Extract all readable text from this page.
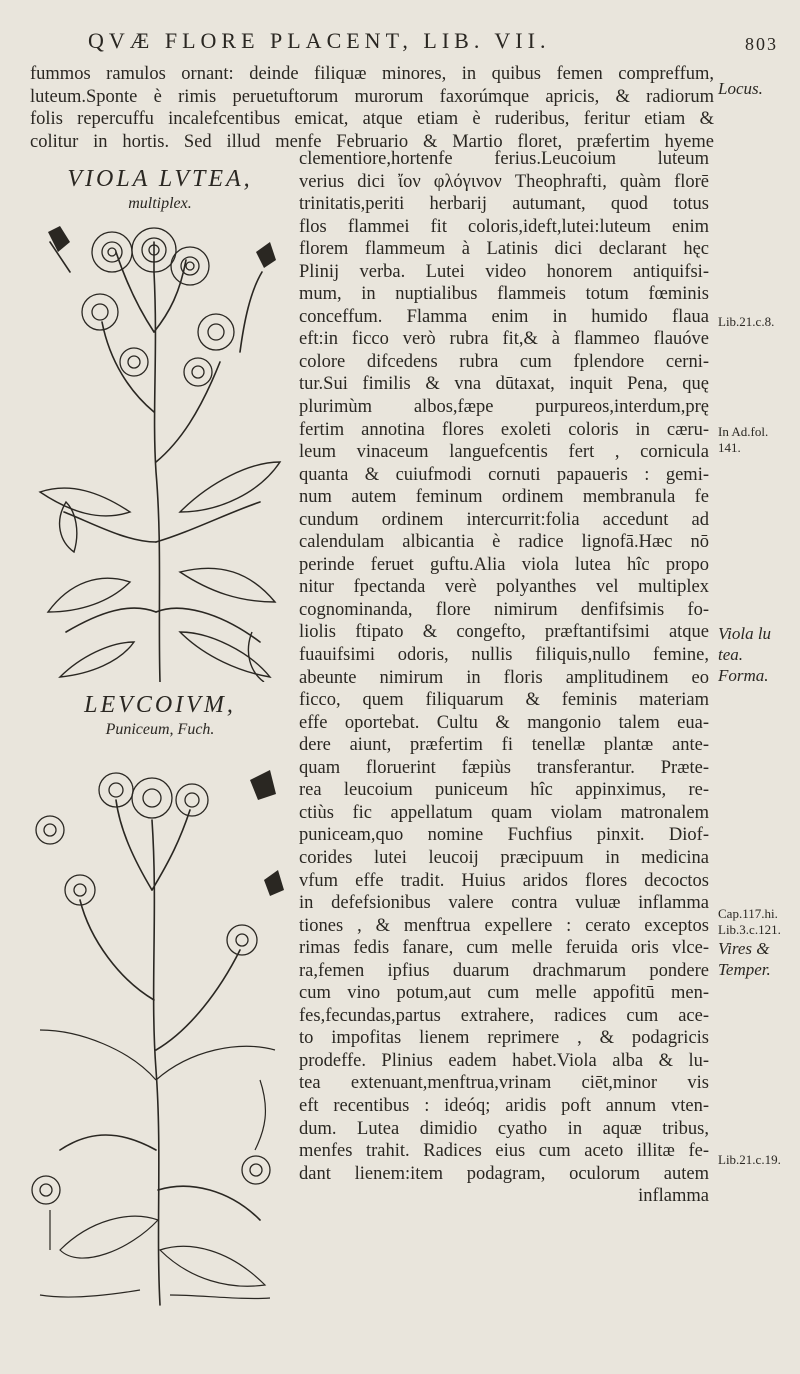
QVÆ FLORE PLACENT, LIB. VII.	803
fummos ramulos ornant: deinde filiquæ minores, in quibus femen compreffum,
luteum.Sponte è rimis peruetuftorum murorum faxorúmque apricis, & radiorum
folis repercuffu incalefcentibus emicat, atque etiam è ruderibus, feritur etiam &
colitur in hortis. Sed illud menfe Februario & Martio floret, præfertim hyeme
VIOLA LVTEA,
multiplex.
LEVCOIVM,
Puniceum, Fuch.
clementiore,hortenfe ferius.Leucoium luteum
verius dici ἴον φλόγινον Theophrafti, quàm florē
trinitatis,periti herbarij autumant, quod totus
flos flammei fit coloris,ideft,lutei:luteum enim
florem flammeum à Latinis dici declarant hęc
Plinij verba. Lutei video honorem antiquifsi-
mum, in nuptialibus flammeis totum fœminis
conceffum. Flamma enim in humido flaua
eft:in ficco verò rubra fit,& à flammeo flauóve
colore difcedens rubra cum fplendore cerni-
tur.Sui fimilis & vna dūtaxat, inquit Pena, quę
plurimùm albos,fæpe purpureos,interdum,prę
fertim annotina flores exoleti coloris in cæru-
leum vinaceum languefcentis fert , cornicula
quanta & cuiufmodi cornuti papaueris : gemi-
num autem feminum ordinem membranula fe
cundum ordinem intercurrit:folia accedunt ad
calendulam albicantia è radice lignofā.Hæc nō
perinde feruet guftu.Alia viola lutea hîc propo
nitur fpectanda verè polyanthes vel multiplex
cognominanda, flore nimirum denfifsimis fo-
liolis ftipato & congefto, præftantifsimi atque
fuauifsimi odoris, nullis filiquis,nullo femine,
abeunte nimirum in floris amplitudinem eo
ficco, quem filiquarum & feminis materiam
effe oportebat. Cultu & mangonio talem eua-
dere aiunt, præfertim fi tenellæ plantæ ante-
quam floruerint fæpiùs transferantur. Præte-
rea leucoium puniceum hîc appinximus, re-
ctiùs fic appellatum quam violam matronalem
puniceam,quo nomine Fuchfius pinxit. Diof-
corides lutei leucoij præcipuum in medicina
vfum effe tradit. Huius aridos flores decoctos
in defefsionibus valere contra vuluæ inflamma
tiones , & menftrua expellere : cerato exceptos
rimas fedis fanare, cum melle feruida oris vlce-
ra,femen ipfius duarum drachmarum pondere
cum vino potum,aut cum melle appofitū men-
fes,fecundas,partus extrahere, radices cum ace-
to impofitas lienem reprimere , & podagricis
prodeffe. Plinius eadem habet.Viola alba & lu-
tea extenuant,menftrua,vrinam ciēt,minor vis
eft recentibus : ideóq; aridis poft annum vten-
dum. Lutea dimidio cyatho in aquæ tribus,
menfes trahit. Radices eius cum aceto illitæ fe-
dant lienem:item podagram, oculorum autem
inflamma
Locus.
Lib.21.c.8.
In Ad.fol.
141.
Viola lu
tea.
Forma.
Cap.117.hi.
Lib.3.c.121.
Vires &
Temper.
Lib.21.c.19.
